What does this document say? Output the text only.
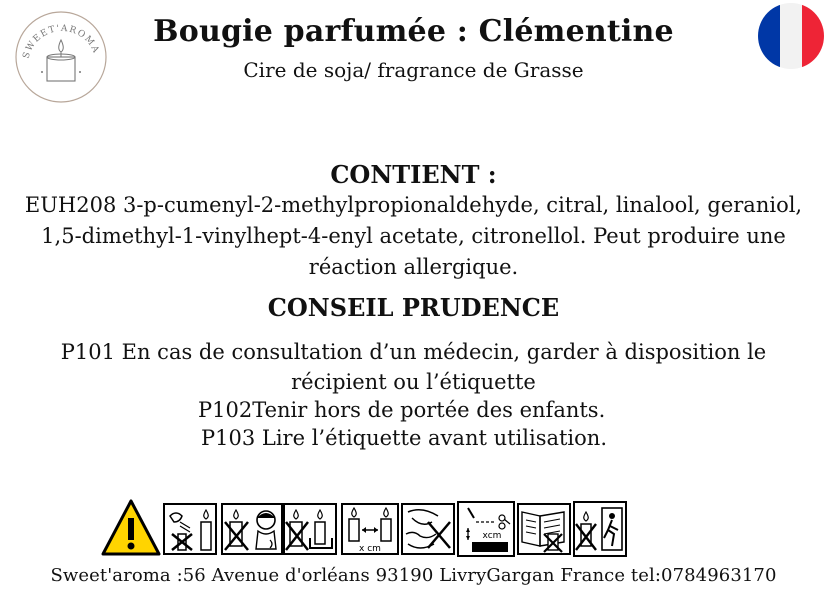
SWEET'AROMA
Bougie parfumée : Clémentine
Cire de soja/ fragrance de Grasse
CONTIENT :
EUH208 3-p-cumenyl-2-methylpropionaldehyde, citral, linalool, geraniol, 1,5-dimethyl-1-vinylhept-4-enyl acetate, citronellol. Peut produire une réaction allergique.
CONSEIL PRUDENCE
P101 En cas de consultation d’un médecin, garder à disposition le récipient ou l’étiquette
P102Tenir hors de portée des enfants.
P103 Lire l’étiquette avant utilisation.
x cm
xcm
Sweet'aroma :56 Avenue d'orléans 93190 LivryGargan France tel:0784963170
